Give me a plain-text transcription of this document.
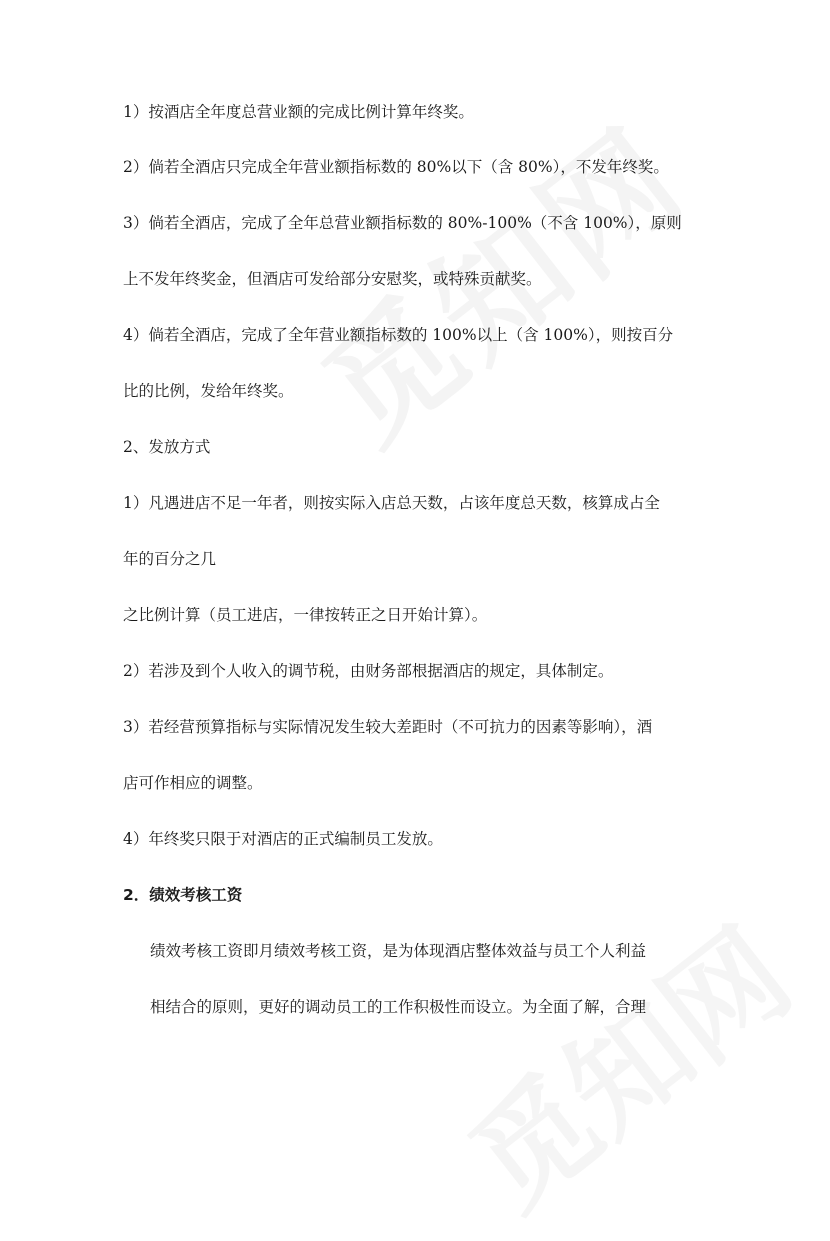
1）按酒店全年度总营业额的完成比例计算年终奖。
2）倘若全酒店只完成全年营业额指标数的 80%以下（含 80%），不发年终奖。
3）倘若全酒店，完成了全年总营业额指标数的 80%-100%（不含 100%），原则
上不发年终奖金，但酒店可发给部分安慰奖，或特殊贡献奖。
4）倘若全酒店，完成了全年营业额指标数的 100%以上（含 100%），则按百分
比的比例，发给年终奖。
2、发放方式
1）凡遇进店不足一年者，则按实际入店总天数，占该年度总天数，核算成占全
年的百分之几
之比例计算（员工进店，一律按转正之日开始计算）。
2）若涉及到个人收入的调节税，由财务部根据酒店的规定，具体制定。
3）若经营预算指标与实际情况发生较大差距时（不可抗力的因素等影响），酒
店可作相应的调整。
4）年终奖只限于对酒店的正式编制员工发放。
2．绩效考核工资
绩效考核工资即月绩效考核工资，是为体现酒店整体效益与员工个人利益
相结合的原则，更好的调动员工的工作积极性而设立。为全面了解，合理
